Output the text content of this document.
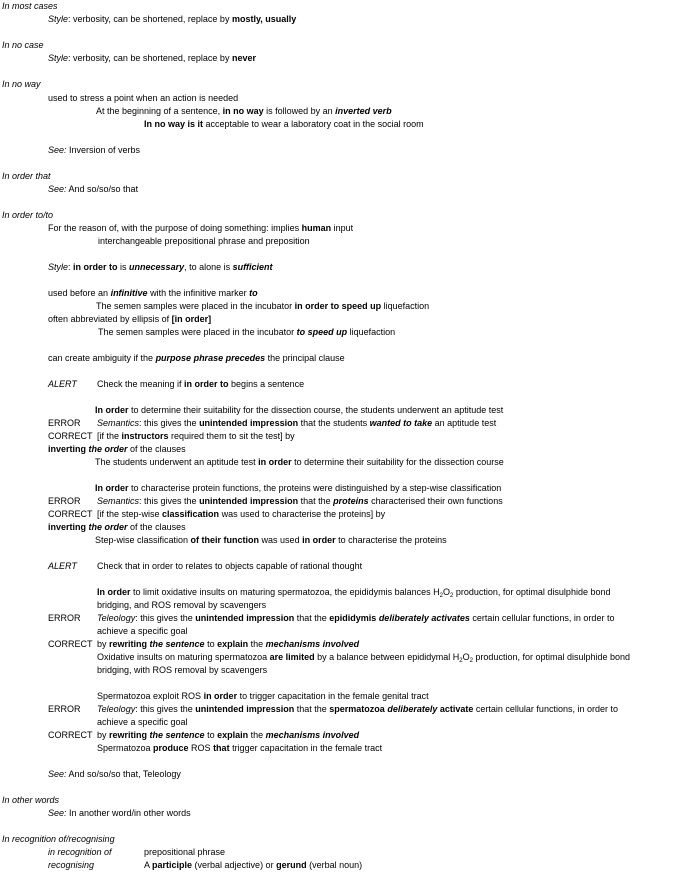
In most cases
Style: verbosity, can be shortened, replace by mostly, usually
In no case
Style: verbosity, can be shortened, replace by never
In no way
used to stress a point when an action is needed
At the beginning of a sentence, in no way is followed by an inverted verb
In no way is it acceptable to wear a laboratory coat in the social room
See: Inversion of verbs
In order that
See: And so/so/so that
In order to/to
For the reason of, with the purpose of doing something: implies human input
interchangeable prepositional phrase and preposition
Style: in order to is unnecessary, to alone is sufficient
used before an infinitive with the infinitive marker to
The semen samples were placed in the incubator in order to speed up liquefaction
often abbreviated by ellipsis of [in order]
The semen samples were placed in the incubator to speed up liquefaction
can create ambiguity if the purpose phrase precedes the principal clause
ALERT Check the meaning if in order to begins a sentence
In order to determine their suitability for the dissection course, the students underwent an aptitude test
ERROR Semantics: this gives the unintended impression that the students wanted to take an aptitude test
CORRECT [if the instructors required them to sit the test] by
inverting the order of the clauses
The students underwent an aptitude test in order to determine their suitability for the dissection course
In order to characterise protein functions, the proteins were distinguished by a step-wise classification
ERROR Semantics: this gives the unintended impression that the proteins characterised their own functions
CORRECT [if the step-wise classification was used to characterise the proteins] by
inverting the order of the clauses
Step-wise classification of their function was used in order to characterise the proteins
ALERT Check that in order to relates to objects capable of rational thought
In order to limit oxidative insults on maturing spermatozoa, the epididymis balances $H_2O_2$ production, for optimal disulphide bond bridging, and ROS removal by scavengers
ERROR Teleology: this gives the unintended impression that the epididymis deliberately activates certain cellular functions, in order to achieve a specific goal
CORRECT by rewriting the sentence to explain the mechanisms involved
Oxidative insults on maturing spermatozoa are limited by a balance between epididymal $H_2O_2$ production, for optimal disulphide bond bridging, with ROS removal by scavengers
Spermatozoa exploit ROS in order to trigger capacitation in the female genital tract
ERROR Teleology: this gives the unintended impression that the spermatozoa deliberately activate certain cellular functions, in order to achieve a specific goal
CORRECT by rewriting the sentence to explain the mechanisms involved
Spermatozoa produce ROS that trigger capacitation in the female tract
See: And so/so/so that, Teleology
In other words
See: In another word/in other words
In recognition of/recognising
in recognition of	prepositional phrase
recognising	A participle (verbal adjective) or gerund (verbal noun)
